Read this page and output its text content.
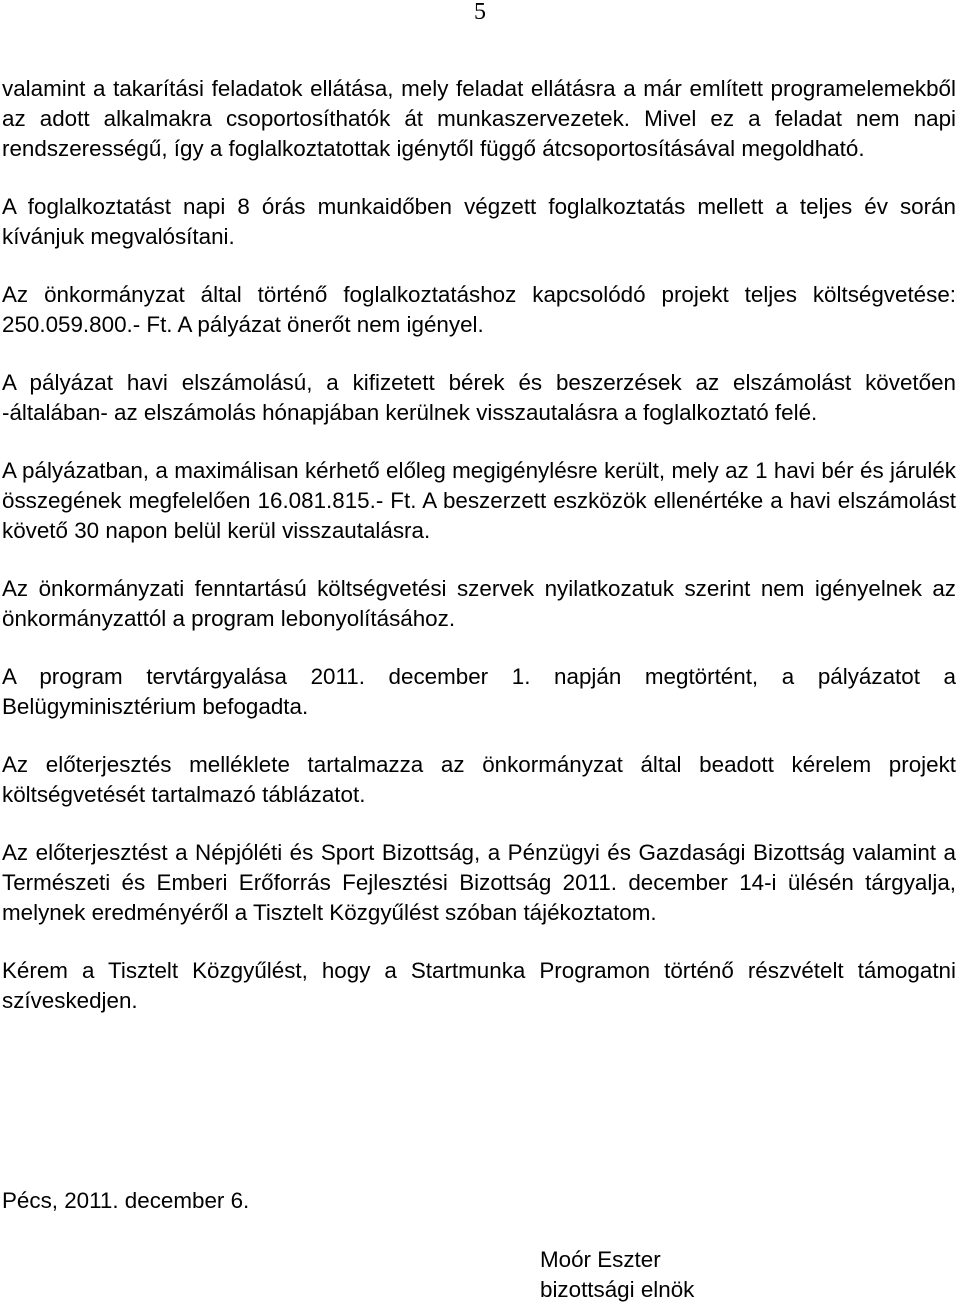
5

valamint a takarítási feladatok ellátása, mely feladat ellátásra a már említett programelemekből az adott alkalmakra csoportosíthatók át munkaszervezetek. Mivel ez a feladat nem napi rendszerességű, így a foglalkoztatottak igénytől függő átcsoportosításával megoldható.

A foglalkoztatást napi 8 órás munkaidőben végzett foglalkoztatás mellett a teljes év során kívánjuk megvalósítani.

Az önkormányzat által történő foglalkoztatáshoz kapcsolódó projekt teljes költségvetése: 250.059.800.- Ft. A pályázat önerőt nem igényel.

A pályázat havi elszámolású, a kifizetett bérek és beszerzések az elszámolást követően -általában- az elszámolás hónapjában kerülnek visszautalásra a foglalkoztató felé.

A pályázatban, a maximálisan kérhető előleg megigénylésre került, mely az 1 havi bér és járulék összegének megfelelően 16.081.815.- Ft. A beszerzett eszközök ellenértéke a havi elszámolást követő 30 napon belül kerül visszautalásra.

Az önkormányzati fenntartású költségvetési szervek nyilatkozatuk szerint nem igényelnek az önkormányzattól a program lebonyolításához.

A program tervtárgyalása 2011. december 1. napján megtörtént, a pályázatot a Belügyminisztérium befogadta.

Az előterjesztés melléklete tartalmazza az önkormányzat által beadott kérelem projekt költségvetését tartalmazó táblázatot.

Az előterjesztést a Népjóléti és Sport Bizottság, a Pénzügyi és Gazdasági Bizottság valamint a Természeti és Emberi Erőforrás Fejlesztési Bizottság 2011. december 14-i ülésén tárgyalja, melynek eredményéről a Tisztelt Közgyűlést szóban tájékoztatom.

Kérem a Tisztelt Közgyűlést, hogy a Startmunka Programon történő részvételt támogatni szíveskedjen.

Pécs, 2011. december 6.

Moór Eszter
bizottsági elnök
